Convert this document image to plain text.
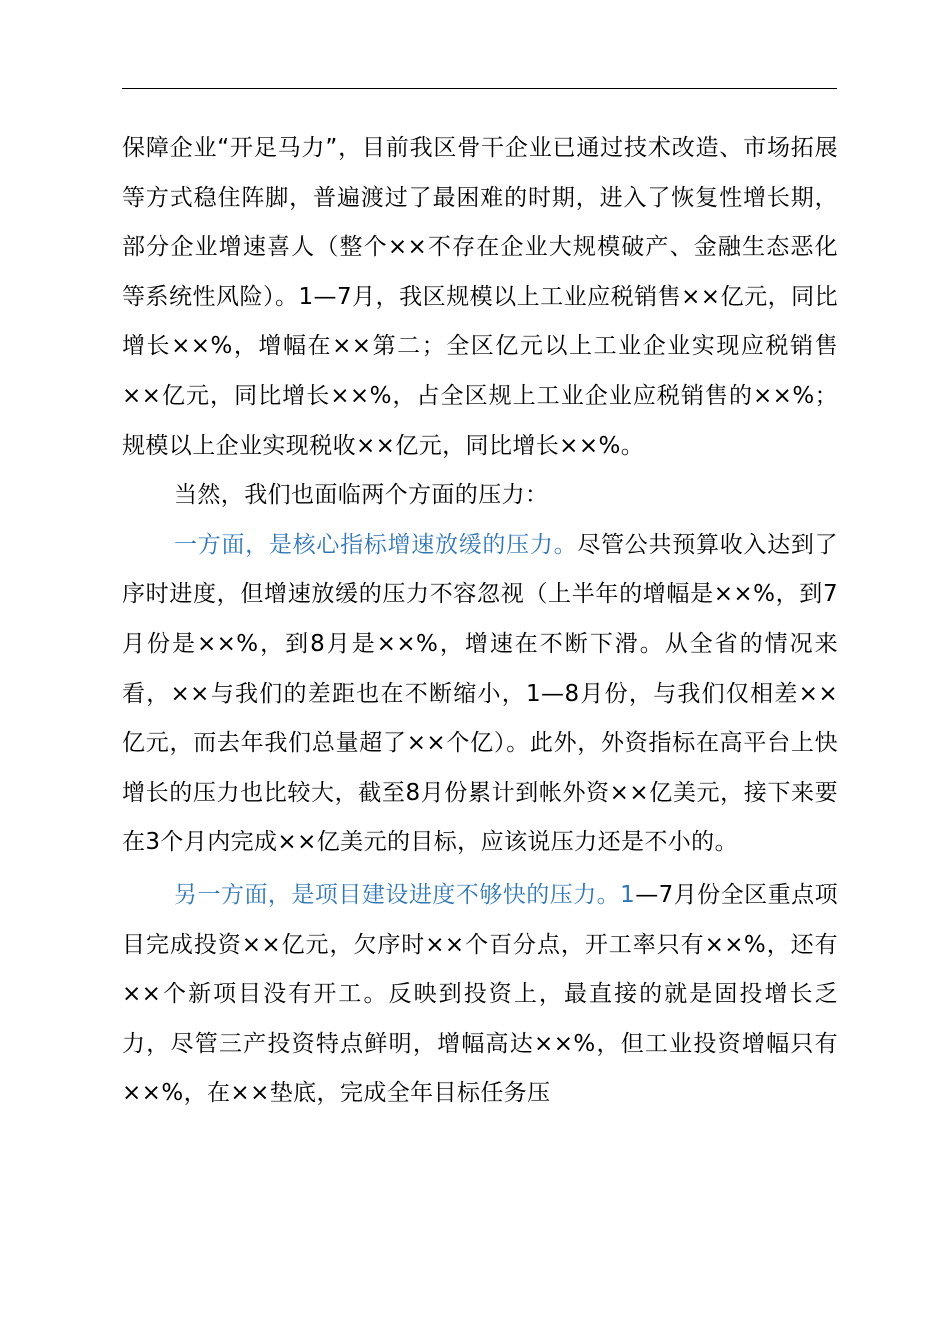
保障企业“开足马力”，目前我区骨干企业已通过技术改造、市场拓展等方式稳住阵脚，普遍渡过了最困难的时期，进入了恢复性增长期，部分企业增速喜人（整个××不存在企业大规模破产、金融生态恶化等系统性风险）。1—7月，我区规模以上工业应税销售××亿元，同比增长××%，增幅在××第二；全区亿元以上工业企业实现应税销售××亿元，同比增长××%，占全区规上工业企业应税销售的××%；规模以上企业实现税收××亿元，同比增长××%。

当然，我们也面临两个方面的压力：

一方面，是核心指标增速放缓的压力。尽管公共预算收入达到了序时进度，但增速放缓的压力不容忽视（上半年的增幅是××%，到7月份是××%，到8月是××%，增速在不断下滑。从全省的情况来看，××与我们的差距也在不断缩小，1—8月份，与我们仅相差××亿元，而去年我们总量超了××个亿）。此外，外资指标在高平台上快增长的压力也比较大，截至8月份累计到帐外资××亿美元，接下来要在3个月内完成××亿美元的目标，应该说压力还是不小的。

另一方面，是项目建设进度不够快的压力。1—7月份全区重点项目完成投资××亿元，欠序时××个百分点，开工率只有××%，还有××个新项目没有开工。反映到投资上，最直接的就是固投增长乏力，尽管三产投资特点鲜明，增幅高达××%，但工业投资增幅只有××%，在××垫底，完成全年目标任务压
